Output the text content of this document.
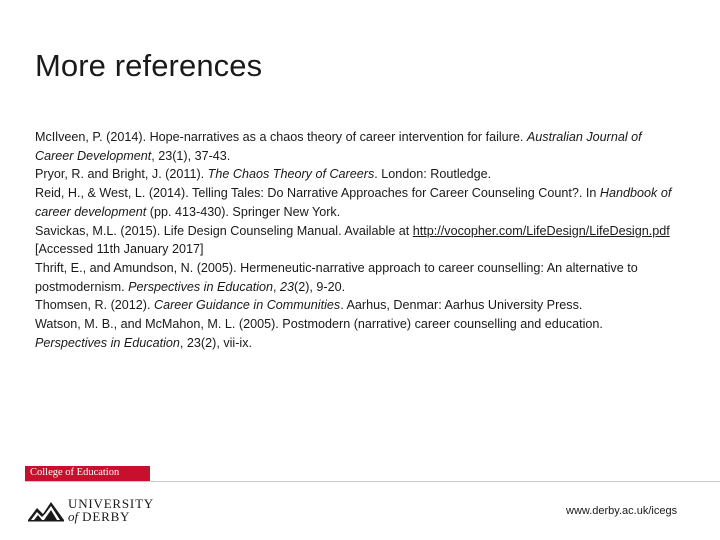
More references

McIlveen, P. (2014). Hope-narratives as a chaos theory of career intervention for failure. Australian Journal of Career Development, 23(1), 37-43.

Pryor, R. and Bright, J. (2011). The Chaos Theory of Careers. London: Routledge.

Reid, H., & West, L. (2014). Telling Tales: Do Narrative Approaches for Career Counseling Count?. In Handbook of career development (pp. 413-430). Springer New York.

Savickas, M.L. (2015). Life Design Counseling Manual. Available at http://vocopher.com/LifeDesign/LifeDesign.pdf [Accessed 11th January 2017]

Thrift, E., and Amundson, N. (2005). Hermeneutic-narrative approach to career counselling: An alternative to postmodernism. Perspectives in Education, 23(2), 9-20.

Thomsen, R. (2012). Career Guidance in Communities. Aarhus, Denmar: Aarhus University Press.

Watson, M. B., and McMahon, M. L. (2005). Postmodern (narrative) career counselling and education. Perspectives in Education, 23(2), vii-ix.

College of Education
UNIVERSITY
of DERBY	www.derby.ac.uk/icegs
